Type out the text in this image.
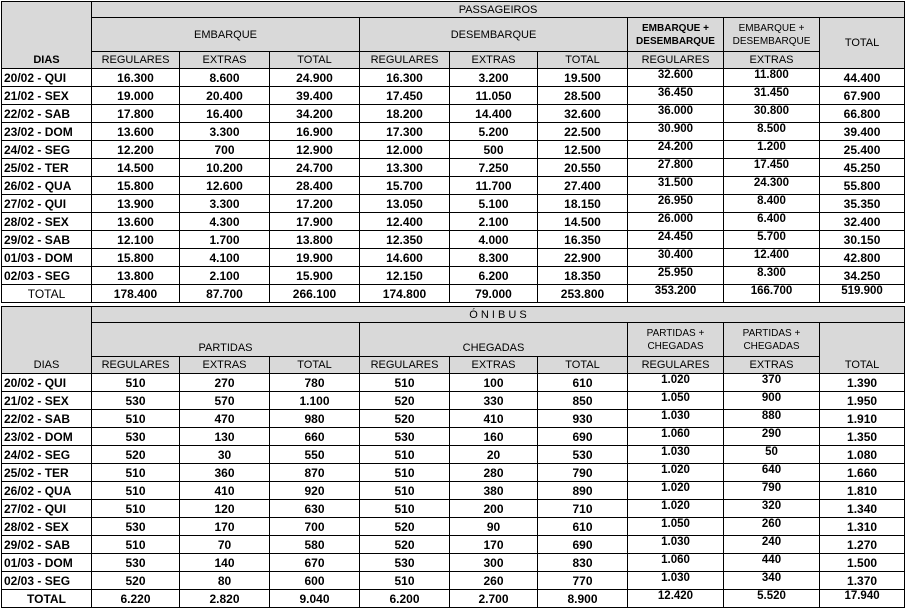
DIAS	PASSAGEIROS								
	EMBARQUE			DESEMBARQUE			EMBARQUE + DESEMBARQUE	EMBARQUE + DESEMBARQUE	TOTAL
	REGULARES	EXTRAS	TOTAL	REGULARES	EXTRAS	TOTAL	REGULARES	EXTRAS	
20/02 - QUI	16.300	8.600	24.900	16.300	3.200	19.500	32.600	11.800	44.400
21/02 - SEX	19.000	20.400	39.400	17.450	11.050	28.500	36.450	31.450	67.900
22/02 - SAB	17.800	16.400	34.200	18.200	14.400	32.600	36.000	30.800	66.800
23/02 - DOM	13.600	3.300	16.900	17.300	5.200	22.500	30.900	8.500	39.400
24/02 - SEG	12.200	700	12.900	12.000	500	12.500	24.200	1.200	25.400
25/02 - TER	14.500	10.200	24.700	13.300	7.250	20.550	27.800	17.450	45.250
26/02 - QUA	15.800	12.600	28.400	15.700	11.700	27.400	31.500	24.300	55.800
27/02 - QUI	13.900	3.300	17.200	13.050	5.100	18.150	26.950	8.400	35.350
28/02 - SEX	13.600	4.300	17.900	12.400	2.100	14.500	26.000	6.400	32.400
29/02 - SAB	12.100	1.700	13.800	12.350	4.000	16.350	24.450	5.700	30.150
01/03 - DOM	15.800	4.100	19.900	14.600	8.300	22.900	30.400	12.400	42.800
02/03 - SEG	13.800	2.100	15.900	12.150	6.200	18.350	25.950	8.300	34.250
TOTAL	178.400	87.700	266.100	174.800	79.000	253.800	353.200	166.700	519.900

DIAS	Ó N I B U S								
	PARTIDAS			CHEGADAS			PARTIDAS + CHEGADAS	PARTIDAS + CHEGADAS	TOTAL
	REGULARES	EXTRAS	TOTAL	REGULARES	EXTRAS	TOTAL	REGULARES	EXTRAS	
20/02 - QUI	510	270	780	510	100	610	1.020	370	1.390
21/02 - SEX	530	570	1.100	520	330	850	1.050	900	1.950
22/02 - SAB	510	470	980	520	410	930	1.030	880	1.910
23/02 - DOM	530	130	660	530	160	690	1.060	290	1.350
24/02 - SEG	520	30	550	510	20	530	1.030	50	1.080
25/02 - TER	510	360	870	510	280	790	1.020	640	1.660
26/02 - QUA	510	410	920	510	380	890	1.020	790	1.810
27/02 - QUI	510	120	630	510	200	710	1.020	320	1.340
28/02 - SEX	530	170	700	520	90	610	1.050	260	1.310
29/02 - SAB	510	70	580	520	170	690	1.030	240	1.270
01/03 - DOM	530	140	670	530	300	830	1.060	440	1.500
02/03 - SEG	520	80	600	510	260	770	1.030	340	1.370
TOTAL	6.220	2.820	9.040	6.200	2.700	8.900	12.420	5.520	17.940
